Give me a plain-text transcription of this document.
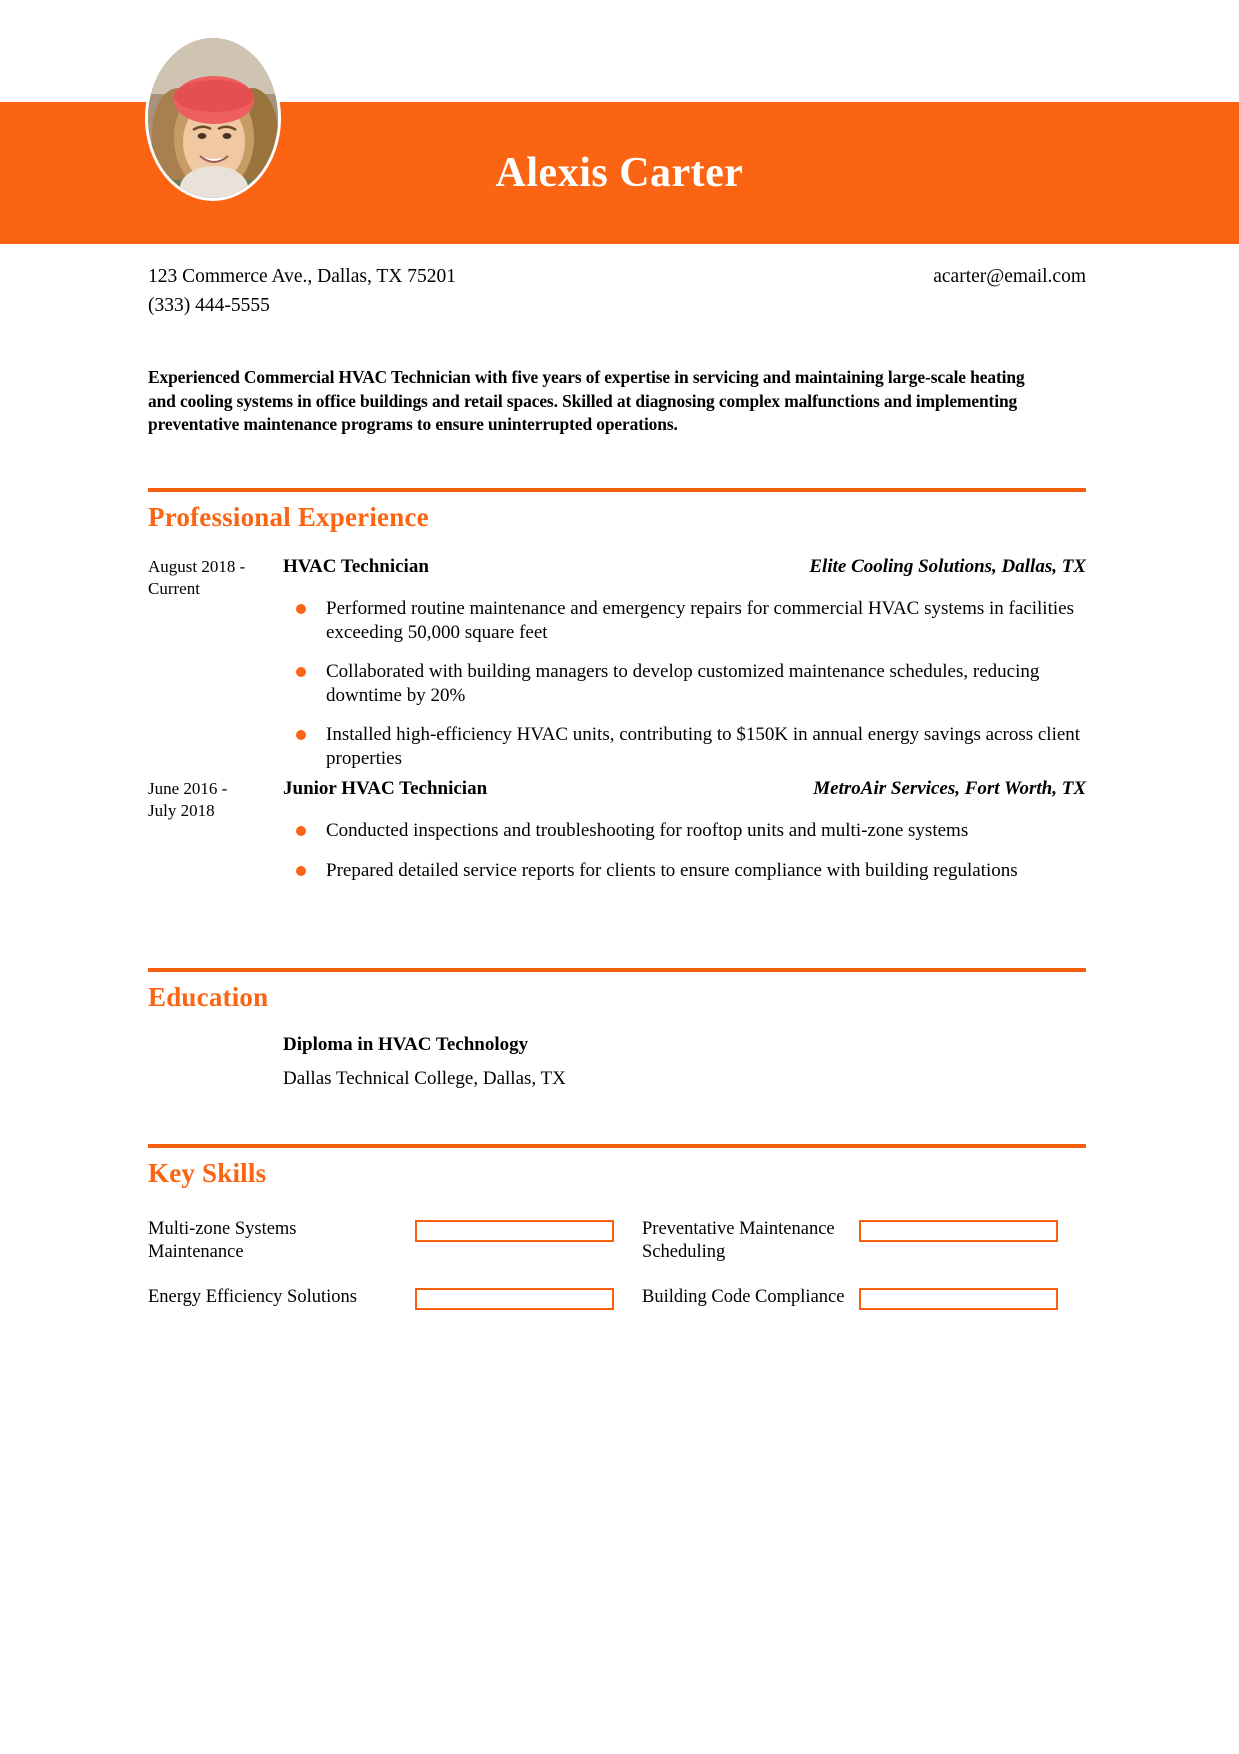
Alexis Carter
123 Commerce Ave., Dallas, TX 75201	acarter@email.com
(333) 444-5555
Experienced Commercial HVAC Technician with five years of expertise in servicing and maintaining large-scale heating and cooling systems in office buildings and retail spaces. Skilled at diagnosing complex malfunctions and implementing preventative maintenance programs to ensure uninterrupted operations.
Professional Experience
August 2018 - Current
HVAC Technician	Elite Cooling Solutions, Dallas, TX
Performed routine maintenance and emergency repairs for commercial HVAC systems in facilities exceeding 50,000 square feet
Collaborated with building managers to develop customized maintenance schedules, reducing downtime by 20%
Installed high-efficiency HVAC units, contributing to $150K in annual energy savings across client properties
June 2016 - July 2018
Junior HVAC Technician	MetroAir Services, Fort Worth, TX
Conducted inspections and troubleshooting for rooftop units and multi-zone systems
Prepared detailed service reports for clients to ensure compliance with building regulations
Education
Diploma in HVAC Technology
Dallas Technical College, Dallas, TX
Key Skills
Multi-zone Systems Maintenance
Preventative Maintenance Scheduling
Energy Efficiency Solutions	Building Code Compliance
